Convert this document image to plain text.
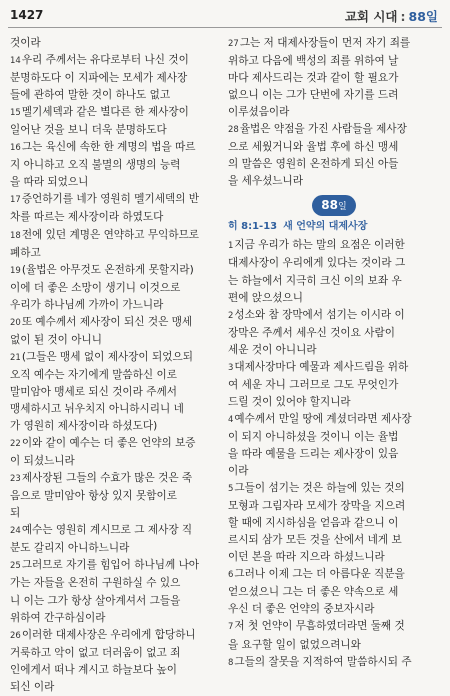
1427	교회 시대 : 88일
것이라
14우리 주께서는 유다로부터 나신 것이
분명하도다 이 지파에는 모세가 제사장
들에 관하여 말한 것이 하나도 없고
15멜기세덱과 같은 별다른 한 제사장이
일어난 것을 보니 더욱 분명하도다
16그는 육신에 속한 한 계명의 법을 따르
지 아니하고 오직 불멸의 생명의 능력
을 따라 되었으니
17증언하기를 네가 영원히 멜기세덱의 반
차를 따르는 제사장이라 하였도다
18전에 있던 계명은 연약하고 무익하므로
폐하고
19(율법은 아무것도 온전하게 못할지라)
이에 더 좋은 소망이 생기니 이것으로
우리가 하나님께 가까이 가느니라
20또 예수께서 제사장이 되신 것은 맹세
없이 된 것이 아니니
21(그들은 맹세 없이 제사장이 되었으되
오직 예수는 자기에게 말씀하신 이로
말미암아 맹세로 되신 것이라 주께서
맹세하시고 뉘우치지 아니하시리니 네
가 영원히 제사장이라 하셨도다)
22이와 같이 예수는 더 좋은 언약의 보증
이 되셨느니라
23제사장된 그들의 수효가 많은 것은 죽
음으로 말미암아 항상 있지 못함이로
되
24예수는 영원히 계시므로 그 제사장 직
분도 갈리지 아니하느니라
25그러므로 자기를 힘입어 하나님께 나아
가는 자들을 온전히 구원하실 수 있으
니 이는 그가 항상 살아계셔서 그들을
위하여 간구하심이라
26이러한 대제사장은 우리에게 합당하니
거룩하고 악이 없고 더러움이 없고 죄
인에게서 떠나 계시고 하늘보다 높이
되신 이라
27그는 저 대제사장들이 먼저 자기 죄를
위하고 다음에 백성의 죄를 위하여 날
마다 제사드리는 것과 같이 할 필요가
없으니 이는 그가 단번에 자기를 드려
이루셨음이라
28율법은 약점을 가진 사람들을 제사장
으로 세웠거니와 율법 후에 하신 맹세
의 말씀은 영원히 온전하게 되신 아들
을 세우셨느니라
88일
히 8:1-13 새 언약의 대제사장
1지금 우리가 하는 말의 요점은 이러한
대제사장이 우리에게 있다는 것이라 그
는 하늘에서 지극히 크신 이의 보좌 우
편에 앉으셨으니
2성소와 참 장막에서 섬기는 이시라 이
장막은 주께서 세우신 것이요 사람이
세운 것이 아니니라
3대제사장마다 예물과 제사드림을 위하
여 세운 자니 그러므로 그도 무엇인가
드릴 것이 있어야 할지니라
4예수께서 만일 땅에 계셨더라면 제사장
이 되지 아니하셨을 것이니 이는 율법
을 따라 예물을 드리는 제사장이 있음
이라
5그들이 섬기는 것은 하늘에 있는 것의
모형과 그림자라 모세가 장막을 지으려
할 때에 지시하심을 얻음과 같으니 이
르시되 삼가 모든 것을 산에서 네게 보
이던 본을 따라 지으라 하셨느니라
6그러나 이제 그는 더 아름다운 직분을
얻으셨으니 그는 더 좋은 약속으로 세
우신 더 좋은 언약의 중보자시라
7저 첫 언약이 무흠하였더라면 둘째 것
을 요구할 일이 없었으려니와
8그들의 잘못을 지적하여 말씀하시되 주
